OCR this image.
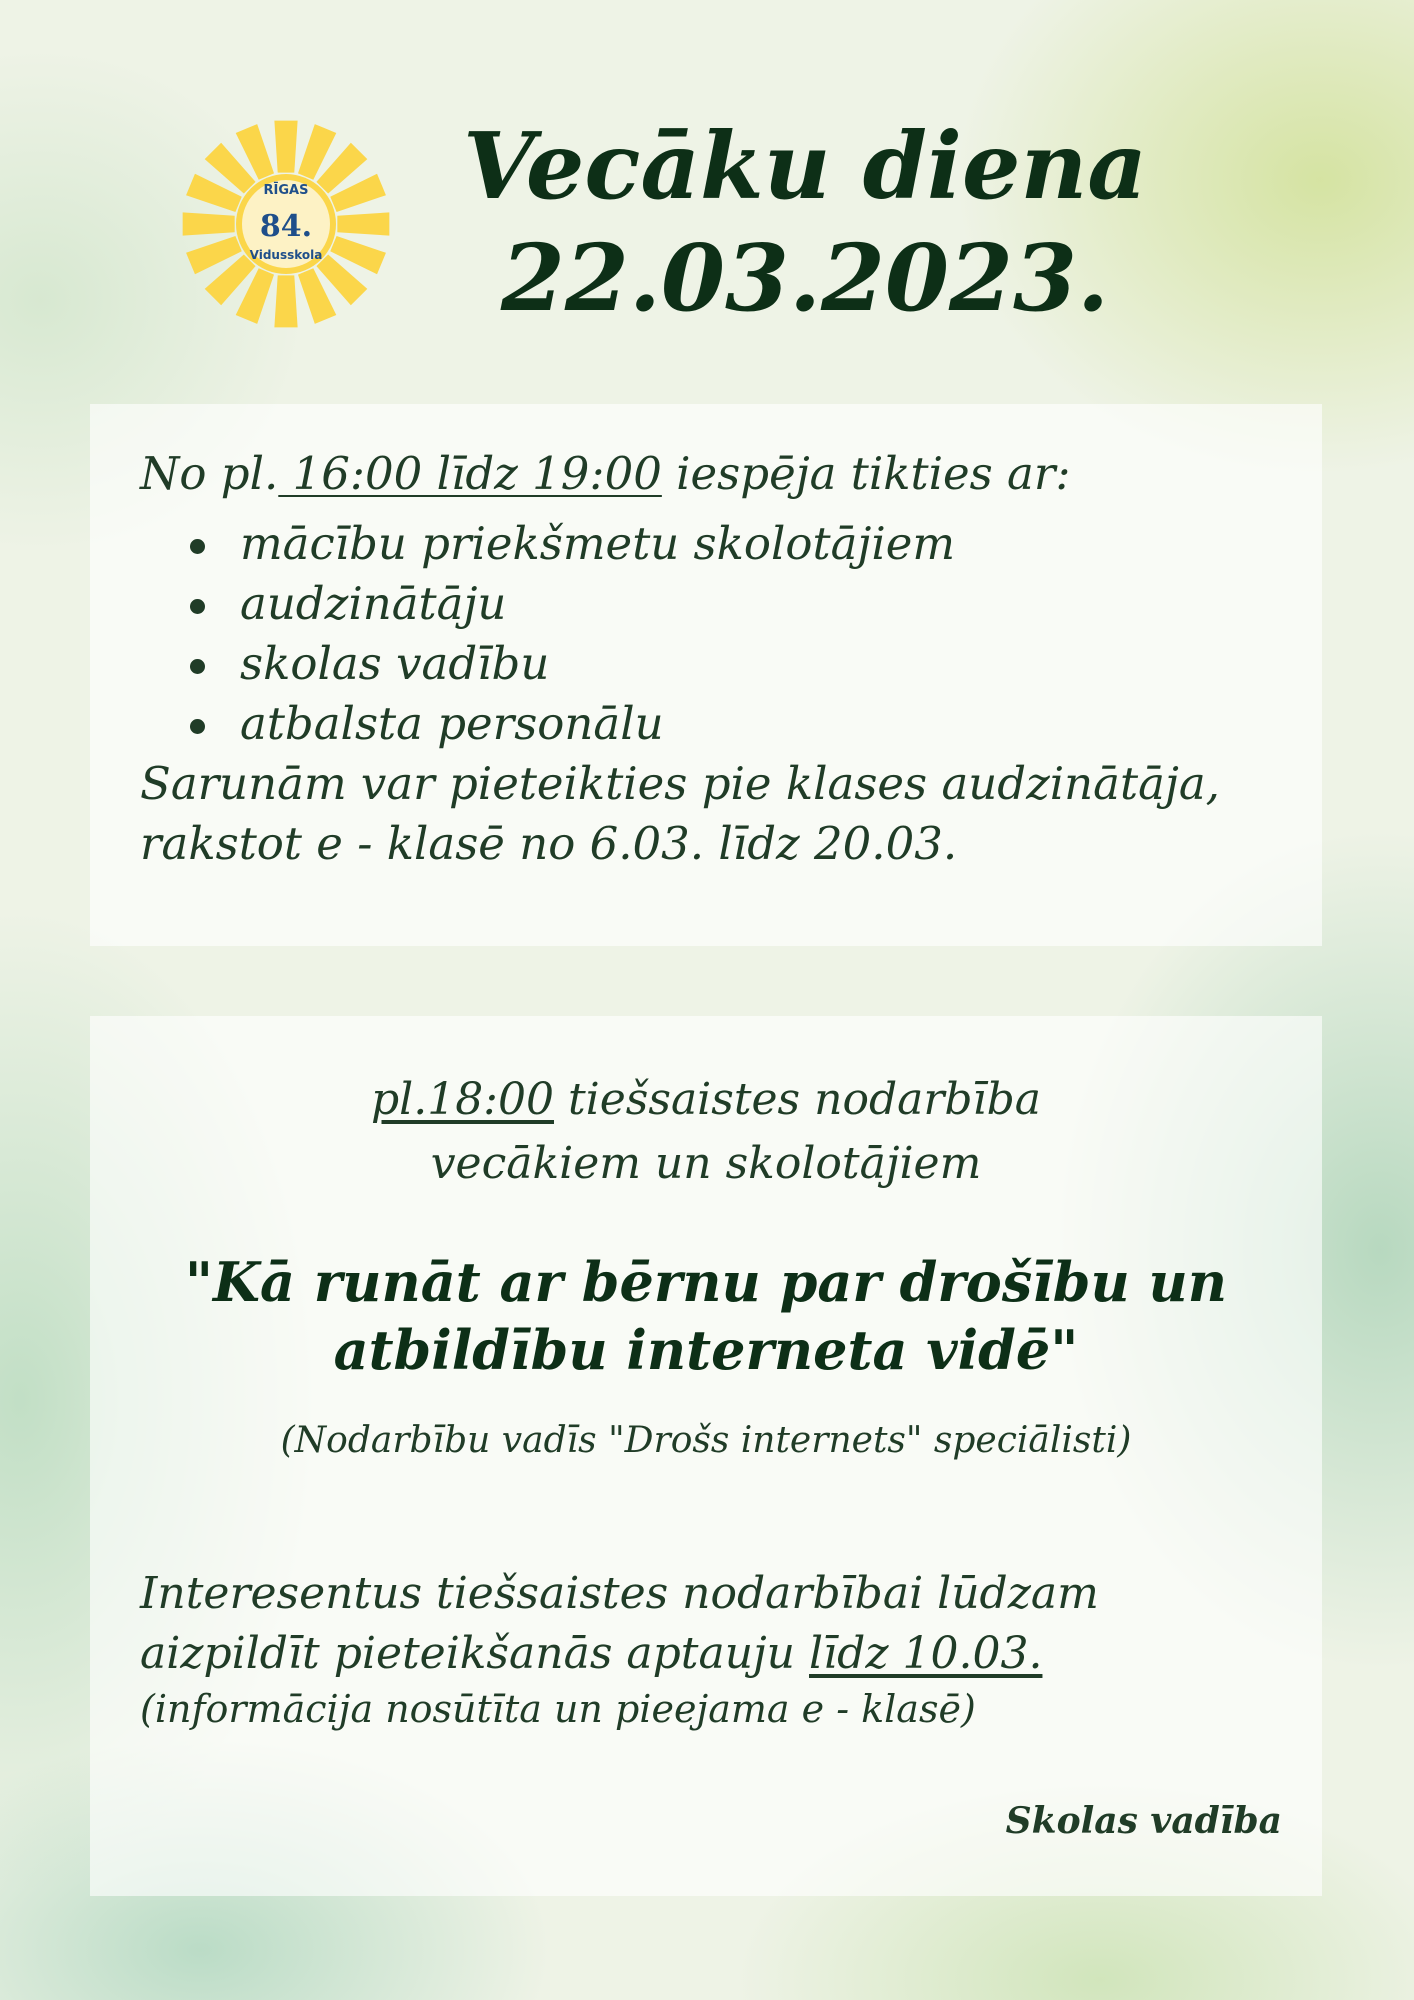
RĪGAS
84.
Vidusskola
Vecāku diena
22.03.2023.
No pl. 16:00 līdz 19:00 iespēja tikties ar:
mācību priekšmetu skolotājiem
audzinātāju
skolas vadību
atbalsta personālu
Sarunām var pieteikties pie klases audzinātāja,
rakstot e - klasē no 6.03. līdz 20.03.
pl.18:00 tiešsaistes nodarbība
vecākiem un skolotājiem
"Kā runāt ar bērnu par drošību un
atbildību interneta vidē"
(Nodarbību vadīs "Drošs internets" speciālisti)
Interesentus tiešsaistes nodarbībai lūdzam
aizpildīt pieteikšanās aptauju līdz 10.03.
(informācija nosūtīta un pieejama e - klasē)
Skolas vadība
